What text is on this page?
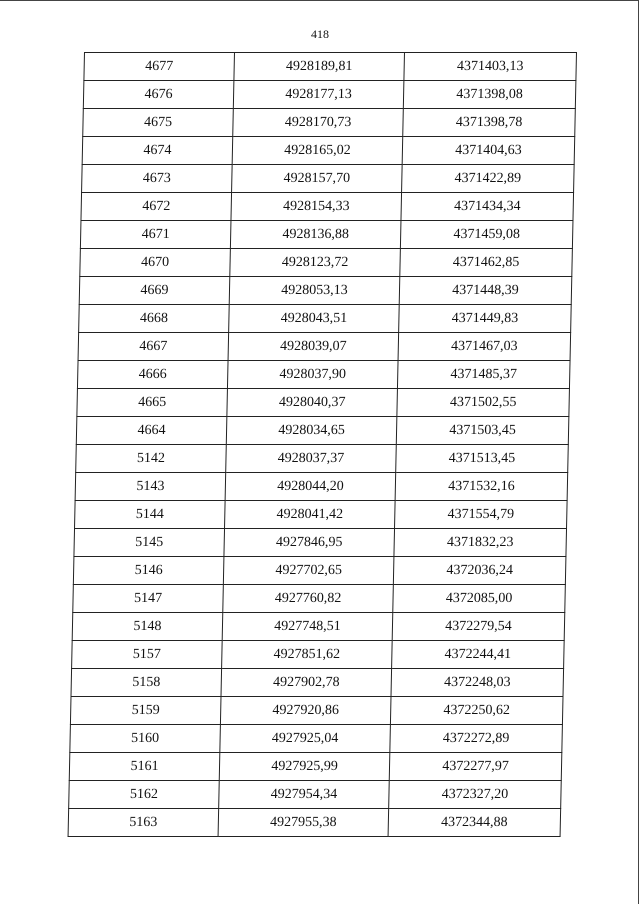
418
4677	4928189,81	4371403,13
4676	4928177,13	4371398,08
4675	4928170,73	4371398,78
4674	4928165,02	4371404,63
4673	4928157,70	4371422,89
4672	4928154,33	4371434,34
4671	4928136,88	4371459,08
4670	4928123,72	4371462,85
4669	4928053,13	4371448,39
4668	4928043,51	4371449,83
4667	4928039,07	4371467,03
4666	4928037,90	4371485,37
4665	4928040,37	4371502,55
4664	4928034,65	4371503,45
5142	4928037,37	4371513,45
5143	4928044,20	4371532,16
5144	4928041,42	4371554,79
5145	4927846,95	4371832,23
5146	4927702,65	4372036,24
5147	4927760,82	4372085,00
5148	4927748,51	4372279,54
5157	4927851,62	4372244,41
5158	4927902,78	4372248,03
5159	4927920,86	4372250,62
5160	4927925,04	4372272,89
5161	4927925,99	4372277,97
5162	4927954,34	4372327,20
5163	4927955,38	4372344,88
